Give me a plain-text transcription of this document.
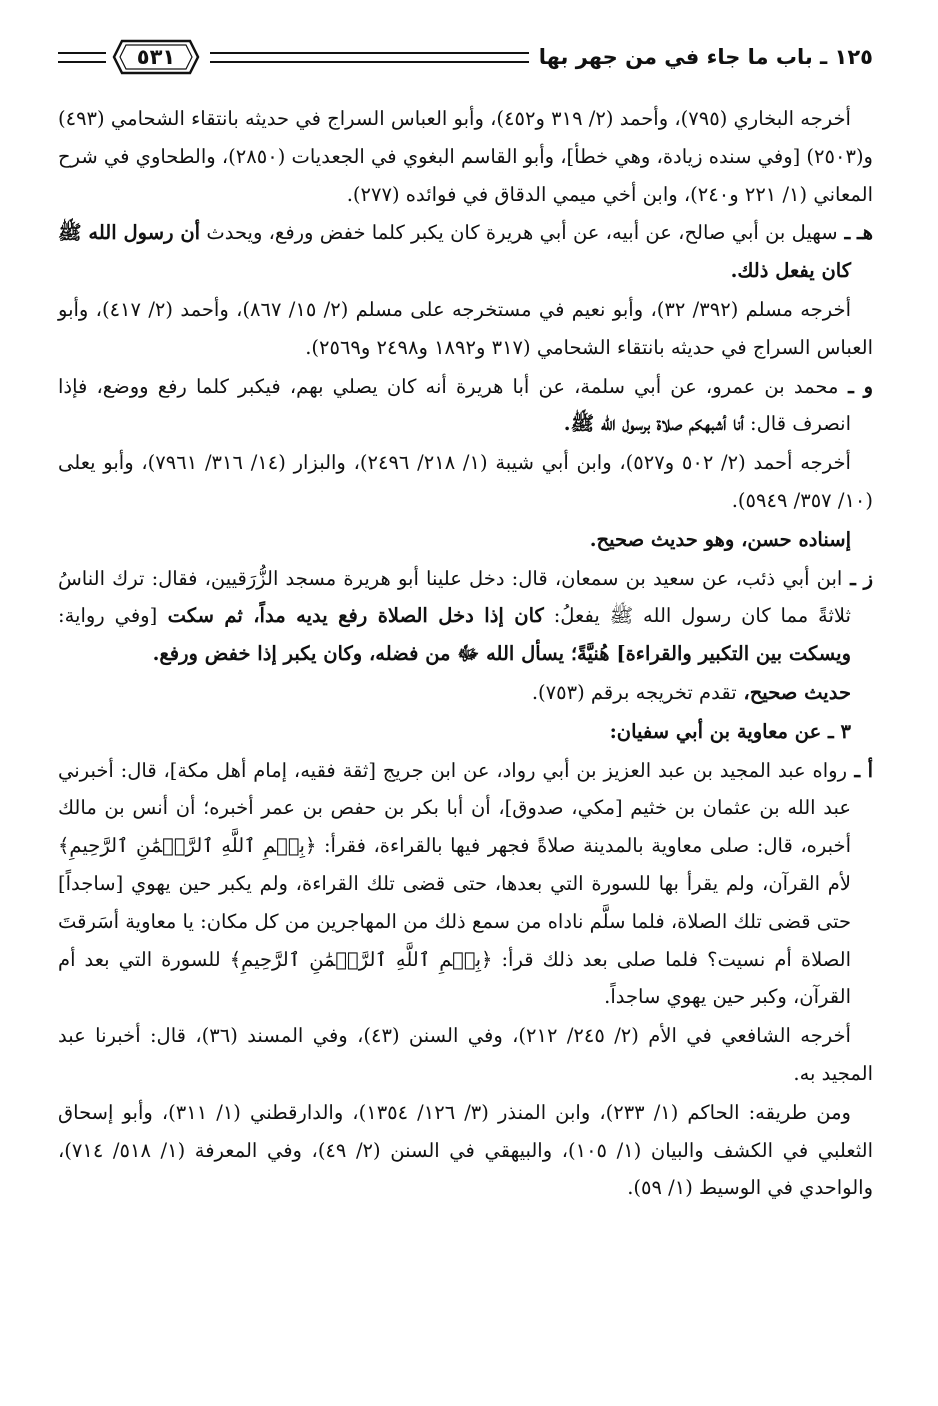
١٢٥ ـ باب ما جاء في من جهر بها
٥٣١

أخرجه البخاري (٧٩٥)، وأحمد (٢/ ٣١٩ و٤٥٢)، وأبو العباس السراج في حديثه بانتقاء الشحامي (٤٩٣) و(٢٥٠٣) [وفي سنده زيادة، وهي خطأ]، وأبو القاسم البغوي في الجعديات (٢٨٥٠)، والطحاوي في شرح المعاني (١/ ٢٢١ و٢٤٠)، وابن أخي ميمي الدقاق في فوائده (٢٧٧).

هـ ـ سهيل بن أبي صالح، عن أبيه، عن أبي هريرة كان يكبر كلما خفض ورفع، ويحدث أن رسول الله ﷺ كان يفعل ذلك.

أخرجه مسلم (٣٩٢/ ٣٢)، وأبو نعيم في مستخرجه على مسلم (٢/ ١٥/ ٨٦٧)، وأحمد (٢/ ٤١٧)، وأبو العباس السراج في حديثه بانتقاء الشحامي (٣١٧ و١٨٩٢ و٢٤٩٨ و٢٥٦٩).

و ـ محمد بن عمرو، عن أبي سلمة، عن أبا هريرة أنه كان يصلي بهم، فيكبر كلما رفع ووضع، فإذا انصرف قال: أنا أشبهكم صلاة برسول الله ﷺ.

أخرجه أحمد (٢/ ٥٠٢ و٥٢٧)، وابن أبي شيبة (١/ ٢١٨/ ٢٤٩٦)، والبزار (١٤/ ٣١٦/ ٧٩٦١)، وأبو يعلى (١٠/ ٣٥٧/ ٥٩٤٩).

إسناده حسن، وهو حديث صحيح.

ز ـ ابن أبي ذئب، عن سعيد بن سمعان، قال: دخل علينا أبو هريرة مسجد الزُّرَقيين، فقال: ترك الناسُ ثلاثةً مما كان رسول الله ﷺ يفعلُ: كان إذا دخل الصلاة رفع يديه مداً، ثم سكت [وفي رواية: ويسكت بين التكبير والقراءة] هُنيَّةً؛ يسأل الله ﷻ من فضله، وكان يكبر إذا خفض ورفع.

حديث صحيح، تقدم تخريجه برقم (٧٥٣).

٣ ـ عن معاوية بن أبي سفيان:

أ ـ رواه عبد المجيد بن عبد العزيز بن أبي رواد، عن ابن جريج [ثقة فقيه، إمام أهل مكة]، قال: أخبرني عبد الله بن عثمان بن خثيم [مكي، صدوق]، أن أبا بكر بن حفص بن عمر أخبره؛ أن أنس بن مالك أخبره، قال: صلى معاوية بالمدينة صلاةً فجهر فيها بالقراءة، فقرأ: ﴿بِسۡمِ ٱللَّهِ ٱلرَّحۡمَٰنِ ٱلرَّحِيمِ﴾ لأم القرآن، ولم يقرأ بها للسورة التي بعدها، حتى قضى تلك القراءة، ولم يكبر حين يهوي [ساجداً] حتى قضى تلك الصلاة، فلما سلَّم ناداه من سمع ذلك من المهاجرين من كل مكان: يا معاوية أسَرقتَ الصلاة أم نسيت؟ فلما صلى بعد ذلك قرأ: ﴿بِسۡمِ ٱللَّهِ ٱلرَّحۡمَٰنِ ٱلرَّحِيمِ﴾ للسورة التي بعد أم القرآن، وكبر حين يهوي ساجداً.

أخرجه الشافعي في الأم (٢/ ٢٤٥/ ٢١٢)، وفي السنن (٤٣)، وفي المسند (٣٦)، قال: أخبرنا عبد المجيد به.

ومن طريقه: الحاكم (١/ ٢٣٣)، وابن المنذر (٣/ ١٢٦/ ١٣٥٤)، والدارقطني (١/ ٣١١)، وأبو إسحاق الثعلبي في الكشف والبيان (١/ ١٠٥)، والبيهقي في السنن (٢/ ٤٩)، وفي المعرفة (١/ ٥١٨/ ٧١٤)، والواحدي في الوسيط (١/ ٥٩).
